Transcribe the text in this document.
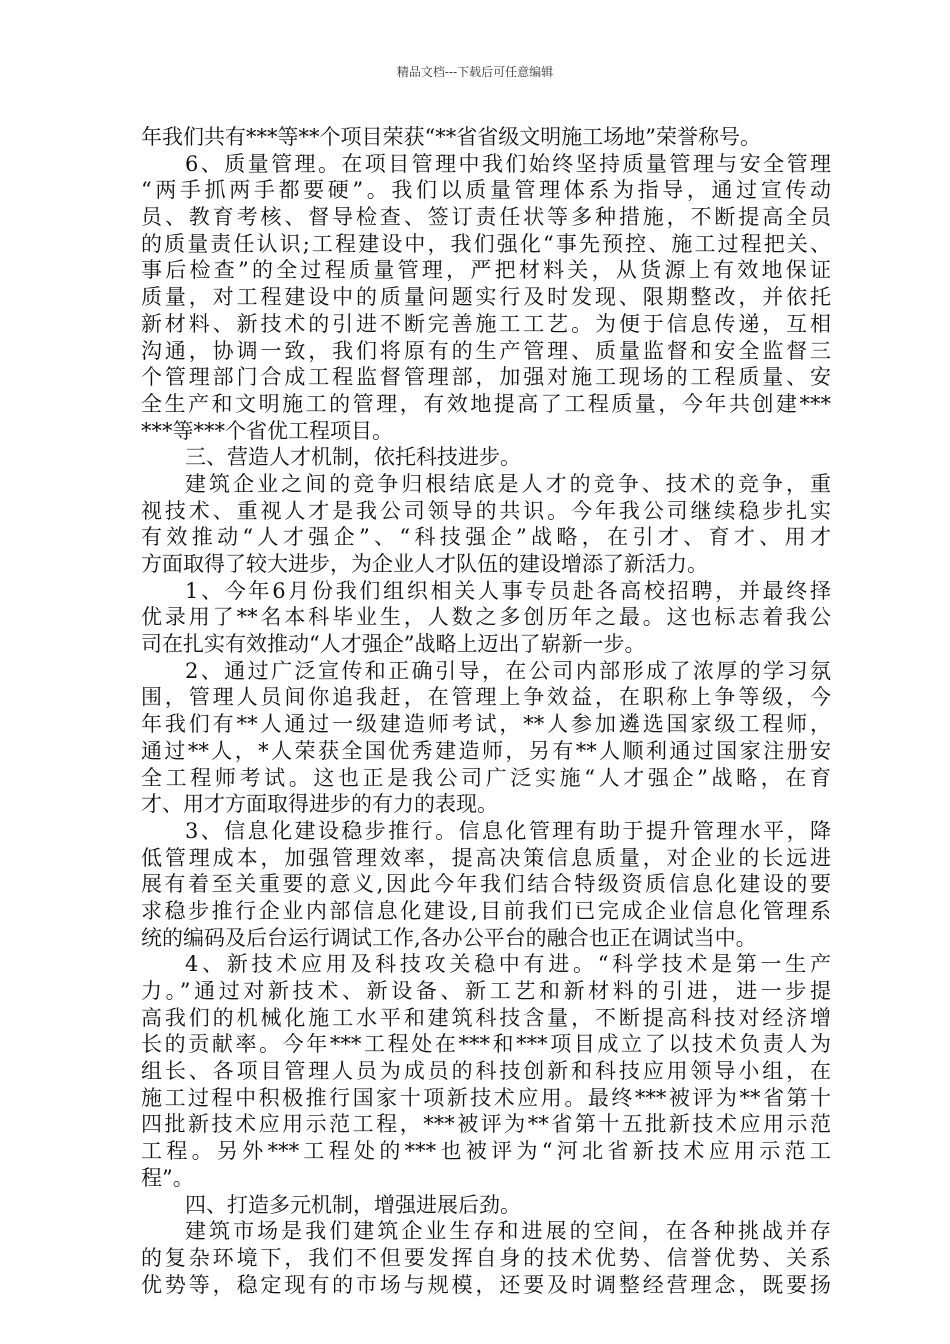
精品文档---下载后可任意编辑
年我们共有***等**个项目荣获“**省省级文明施工场地”荣誉称号。
6、质量管理。在项目管理中我们始终坚持质量管理与安全管理
“两手抓两手都要硬”。我们以质量管理体系为指导，通过宣传动
员、教育考核、督导检查、签订责任状等多种措施，不断提高全员
的质量责任认识;工程建设中，我们强化“事先预控、施工过程把关、
事后检查”的全过程质量管理，严把材料关，从货源上有效地保证
质量，对工程建设中的质量问题实行及时发现、限期整改，并依托
新材料、新技术的引进不断完善施工工艺。为便于信息传递，互相
沟通，协调一致，我们将原有的生产管理、质量监督和安全监督三
个管理部门合成工程监督管理部，加强对施工现场的工程质量、安
全生产和文明施工的管理，有效地提高了工程质量，今年共创建***
***等***个省优工程项目。
三、营造人才机制，依托科技进步。
建筑企业之间的竞争归根结底是人才的竞争、技术的竞争，重
视技术、重视人才是我公司领导的共识。今年我公司继续稳步扎实
有效推动“人才强企”、“科技强企”战略，在引才、育才、用才
方面取得了较大进步，为企业人才队伍的建设增添了新活力。
1、今年6月份我们组织相关人事专员赴各高校招聘，并最终择
优录用了**名本科毕业生，人数之多创历年之最。这也标志着我公
司在扎实有效推动“人才强企”战略上迈出了崭新一步。
2、通过广泛宣传和正确引导，在公司内部形成了浓厚的学习氛
围，管理人员间你追我赶，在管理上争效益，在职称上争等级，今
年我们有**人通过一级建造师考试，**人参加遴选国家级工程师，
通过**人，*人荣获全国优秀建造师，另有**人顺利通过国家注册安
全工程师考试。这也正是我公司广泛实施“人才强企”战略，在育
才、用才方面取得进步的有力的表现。
3、信息化建设稳步推行。信息化管理有助于提升管理水平，降
低管理成本，加强管理效率，提高决策信息质量，对企业的长远进
展有着至关重要的意义,因此今年我们结合特级资质信息化建设的要
求稳步推行企业内部信息化建设,目前我们已完成企业信息化管理系
统的编码及后台运行调试工作,各办公平台的融合也正在调试当中。
4、新技术应用及科技攻关稳中有进。“科学技术是第一生产
力。”通过对新技术、新设备、新工艺和新材料的引进，进一步提
高我们的机械化施工水平和建筑科技含量，不断提高科技对经济增
长的贡献率。今年***工程处在***和***项目成立了以技术负责人为
组长、各项目管理人员为成员的科技创新和科技应用领导小组，在
施工过程中积极推行国家十项新技术应用。最终***被评为**省第十
四批新技术应用示范工程，***被评为**省第十五批新技术应用示范
工程。另外***工程处的***也被评为“河北省新技术应用示范工
程”。
四、打造多元机制，增强进展后劲。
建筑市场是我们建筑企业生存和进展的空间，在各种挑战并存
的复杂环境下，我们不但要发挥自身的技术优势、信誉优势、关系
优势等，稳定现有的市场与规模，还要及时调整经营理念，既要扬
